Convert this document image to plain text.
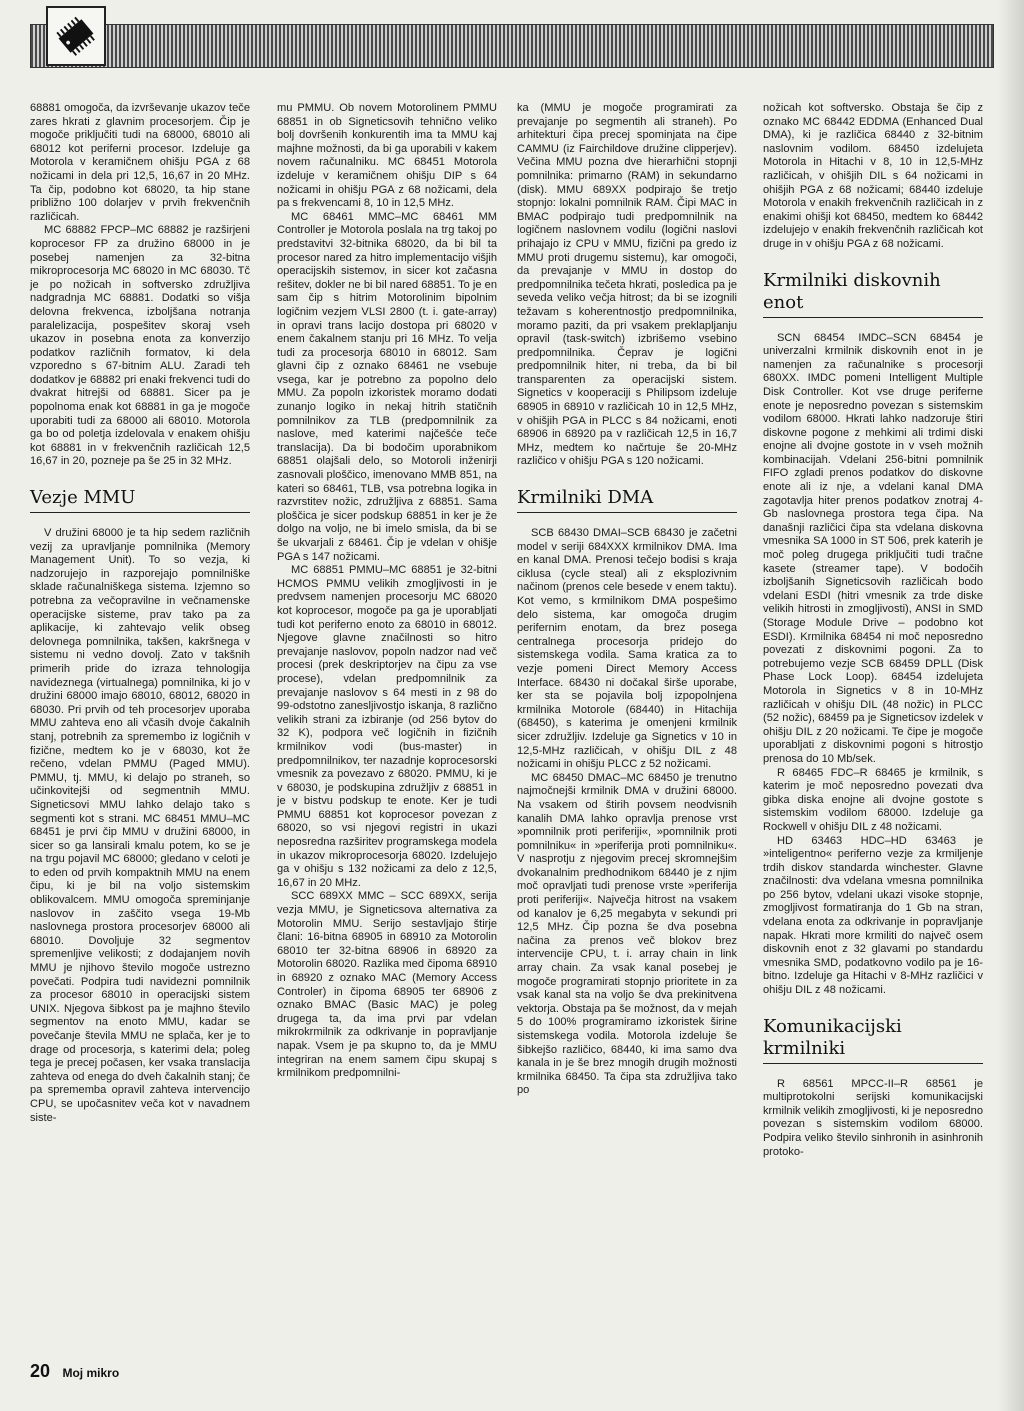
68881 omogoča, da izvrševanje ukazov teče zares hkrati z glavnim procesorjem. Čip je mogoče priključiti tudi na 68000, 68010 ali 68012 kot periferni procesor. Izdeluje ga Motorola v keramičnem ohišju PGA z 68 nožicami in dela pri 12,5, 16,67 in 20 MHz. Ta čip, podobno kot 68020, ta hip stane približno 100 dolarjev v prvih frekvenčnih različicah.

MC 68882 FPCP–MC 68882 je razširjeni koprocesor FP za družino 68000 in je posebej namenjen za 32-bitna mikroprocesorja MC 68020 in MC 68030. Tč je po nožicah in softversko združljiva nadgradnja MC 68881. Dodatki so višja delovna frekvenca, izboljšana notranja paralelizacija, pospešitev skoraj vseh ukazov in posebna enota za konverzijo podatkov različnih formatov, ki dela vzporedno s 67-bitnim ALU. Zaradi teh dodatkov je 68882 pri enaki frekvenci tudi do dvakrat hitrejši od 68881. Sicer pa je popolnoma enak kot 68881 in ga je mogoče uporabiti tudi za 68000 ali 68010. Motorola ga bo od poletja izdelovala v enakem ohišju kot 68881 in v frekvenčnih različicah 12,5 16,67 in 20, pozneje pa še 25 in 32 MHz.

Vezje MMU

V družini 68000 je ta hip sedem različnih vezij za upravljanje pomnilnika (Memory Management Unit). To so vezja, ki nadzorujejo in razporejajo pomnilniške sklade računalniškega sistema. Izjemno so potrebna za večopravilne in večnamenske operacijske sisteme, prav tako pa za aplikacije, ki zahtevajo velik obseg delovnega pomnilnika, takšen, kakršnega v sistemu ni vedno dovolj. Zato v takšnih primerih pride do izraza tehnologija navideznega (virtualnega) pomnilnika, ki jo v družini 68000 imajo 68010, 68012, 68020 in 68030. Pri prvih od teh procesorjev uporaba MMU zahteva eno ali včasih dvoje čakalnih stanj, potrebnih za spremembo iz logičnih v fizične, medtem ko je v 68030, kot že rečeno, vdelan PMMU (Paged MMU). PMMU, tj. MMU, ki delajo po straneh, so učinkovitejši od segmentnih MMU. Signeticsovi MMU lahko delajo tako s segmenti kot s strani. MC 68451 MMU–MC 68451 je prvi čip MMU v družini 68000, in sicer so ga lansirali kmalu potem, ko se je na trgu pojavil MC 68000; gledano v celoti je to eden od prvih kompaktnih MMU na enem čipu, ki je bil na voljo sistemskim oblikovalcem. MMU omogoča spreminjanje naslovov in zaščito vsega 19-Mb naslovnega prostora procesorjev 68000 ali 68010. Dovoljuje 32 segmentov spremenljive velikosti; z dodajanjem novih MMU je njihovo število mogoče ustrezno povečati. Podpira tudi navidezni pomnilnik za procesor 68010 in operacijski sistem UNIX. Njegova šibkost pa je majhno število segmentov na enoto MMU, kadar se povečanje števila MMU ne splača, ker je to drage od procesorja, s katerimi dela; poleg tega je precej počasen, ker vsaka translacija zahteva od enega do dveh čakalnih stanj; če pa sprememba opravil zahteva intervencijo CPU, se upočasnitev veča kot v navadnem siste-

mu PMMU. Ob novem Motorolinem PMMU 68851 in ob Signeticsovih tehnično veliko bolj dovršenih konkurentih ima ta MMU kaj majhne možnosti, da bi ga uporabili v kakem novem računalniku. MC 68451 Motorola izdeluje v keramičnem ohišju DIP s 64 nožicami in ohišju PGA z 68 nožicami, dela pa s frekvencami 8, 10 in 12,5 MHz.

MC 68461 MMC–MC 68461 MM Controller je Motorola poslala na trg takoj po predstavitvi 32-bitnika 68020, da bi bil ta procesor nared za hitro implementacijo višjih operacijskih sistemov, in sicer kot začasna rešitev, dokler ne bi bil nared 68851. To je en sam čip s hitrim Motorolinim bipolnim logičnim vezjem VLSI 2800 (t. i. gate-array) in opravi trans lacijo dostopa pri 68020 v enem čakalnem stanju pri 16 MHz. To velja tudi za procesorja 68010 in 68012. Sam glavni čip z oznako 68461 ne vsebuje vsega, kar je potrebno za popolno delo MMU. Za popoln izkoristek moramo dodati zunanjo logiko in nekaj hitrih statičnih pomnilnikov za TLB (predpomnilnik za naslove, med katerimi najčešće teče translacija). Da bi bodočim uporabnikom 68851 olajšali delo, so Motoroli inženirji zasnovali ploščico, imenovano MMB 851, na kateri so 68461, TLB, vsa potrebna logika in razvrstitev nožic, združljiva z 68851. Sama ploščica je sicer podskup 68851 in ker je že dolgo na voljo, ne bi imelo smisla, da bi se še ukvarjali z 68461. Čip je vdelan v ohišje PGA s 147 nožicami.

MC 68851 PMMU–MC 68851 je 32-bitni HCMOS PMMU velikih zmogljivosti in je predvsem namenjen procesorju MC 68020 kot koprocesor, mogoče pa ga je uporabljati tudi kot periferno enoto za 68010 in 68012. Njegove glavne značilnosti so hitro prevajanje naslovov, popoln nadzor nad več procesi (prek deskriptorjev na čipu za vse procese), vdelan predpomnilnik za prevajanje naslovov s 64 mesti in z 98 do 99-odstotno zanesljivostjo iskanja, 8 različno velikih strani za izbiranje (od 256 bytov do 32 K), podpora več logičnih in fizičnih krmilnikov vodi (bus-master) in predpomnilnikov, ter nazadnje koprocesorski vmesnik za povezavo z 68020. PMMU, ki je v 68030, je podskupina združljiv z 68851 in je v bistvu podskup te enote. Ker je tudi PMMU 68851 kot koprocesor povezan z 68020, so vsi njegovi registri in ukazi neposredna razširitev programskega modela in ukazov mikroprocesorja 68020. Izdelujejo ga v ohišju s 132 nožicami za delo z 12,5, 16,67 in 20 MHz.

SCC 689XX MMC – SCC 689XX, serija vezja MMU, je Signeticsova alternativa za Motorolin MMU. Serijo sestavljajo štirje člani: 16-bitna 68905 in 68910 za Motorolin 68010 ter 32-bitna 68906 in 68920 za Motorolin 68020. Razlika med čipoma 68910 in 68920 z oznako MAC (Memory Access Controler) in čipoma 68905 ter 68906 z oznako BMAC (Basic MAC) je poleg drugega ta, da ima prvi par vdelan mikrokrmilnik za odkrivanje in popravljanje napak. Vsem je pa skupno to, da je MMU integriran na enem samem čipu skupaj s krmilnikom predpomnilni-

ka (MMU je mogoče programirati za prevajanje po segmentih ali straneh). Po arhitekturi čipa precej spominjata na čipe CAMMU (iz Fairchildove družine clipperjev). Večina MMU pozna dve hierarhični stopnji pomnilnika: primarno (RAM) in sekundarno (disk). MMU 689XX podpirajo še tretjo stopnjo: lokalni pomnilnik RAM. Čipi MAC in BMAC podpirajo tudi predpomnilnik na logičnem naslovnem vodilu (logični naslovi prihajajo iz CPU v MMU, fizični pa gredo iz MMU proti drugemu sistemu), kar omogoči, da prevajanje v MMU in dostop do predpomnilnika tečeta hkrati, posledica pa je seveda veliko večja hitrost; da bi se izognili težavam s koherentnostjo predpomnilnika, moramo paziti, da pri vsakem preklapljanju opravil (task-switch) izbrišemo vsebino predpomnilnika. Čeprav je logični predpomnilnik hiter, ni treba, da bi bil transparenten za operacijski sistem. Signetics v kooperaciji s Philipsom izdeluje 68905 in 68910 v različicah 10 in 12,5 MHz, v ohišjih PGA in PLCC s 84 nožicami, enoti 68906 in 68920 pa v različicah 12,5 in 16,7 MHz, medtem ko načrtuje še 20-MHz različico v ohišju PGA s 120 nožicami.

Krmilniki DMA

SCB 68430 DMAI–SCB 68430 je začetni model v seriji 684XXX krmilnikov DMA. Ima en kanal DMA. Prenosi tečejo bodisi s kraja ciklusa (cycle steal) ali z eksplozivnim načinom (prenos cele besede v enem taktu). Kot vemo, s krmilnikom DMA pospešimo delo sistema, kar omogoča drugim perifernim enotam, da brez posega centralnega procesorja pridejo do sistemskega vodila. Sama kratica za to vezje pomeni Direct Memory Access Interface. 68430 ni dočakal širše uporabe, ker sta se pojavila bolj izpopolnjena krmilnika Motorole (68440) in Hitachija (68450), s katerima je omenjeni krmilnik sicer združljiv. Izdeluje ga Signetics v 10 in 12,5-MHz različicah, v ohišju DIL z 48 nožicami in ohišju PLCC z 52 nožicami.

MC 68450 DMAC–MC 68450 je trenutno najmočnejši krmilnik DMA v družini 68000. Na vsakem od štirih povsem neodvisnih kanalih DMA lahko opravlja prenose vrst »pomnilnik proti periferiji«, »pomnilnik proti pomnilniku« in »periferija proti pomnilniku«. V nasprotju z njegovim precej skromnejšim dvokanalnim predhodnikom 68440 je z njim moč opravljati tudi prenose vrste »periferija proti periferiji«. Največja hitrost na vsakem od kanalov je 6,25 megabyta v sekundi pri 12,5 MHz. Čip pozna še dva posebna načina za prenos več blokov brez intervencije CPU, t. i. array chain in link array chain. Za vsak kanal posebej je mogoče programirati stopnjo prioritete in za vsak kanal sta na voljo še dva prekinitvena vektorja. Obstaja pa še možnost, da v mejah 5 do 100% programiramo izkoristek širine sistemskega vodila. Motorola izdeluje še šibkejšo različico, 68440, ki ima samo dva kanala in je še brez mnogih drugih možnosti krmilnika 68450. Ta čipa sta združljiva tako po

nožicah kot softversko. Obstaja še čip z oznako MC 68442 EDDMA (Enhanced Dual DMA), ki je različica 68440 z 32-bitnim naslovnim vodilom. 68450 izdelujeta Motorola in Hitachi v 8, 10 in 12,5-MHz različicah, v ohišjih DIL s 64 nožicami in ohišjih PGA z 68 nožicami; 68440 izdeluje Motorola v enakih frekvenčnih različicah in z enakimi ohišji kot 68450, medtem ko 68442 izdelujejo v enakih frekvenčnih različicah kot druge in v ohišju PGA z 68 nožicami.

Krmilniki diskovnih enot

SCN 68454 IMDC–SCN 68454 je univerzalni krmilnik diskovnih enot in je namenjen za računalnike s procesorji 680XX. IMDC pomeni Intelligent Multiple Disk Controller. Kot vse druge periferne enote je neposredno povezan s sistemskim vodilom 68000. Hkrati lahko nadzoruje štiri diskovne pogone z mehkimi ali trdimi diski enojne ali dvojne gostote in v vseh možnih kombinacijah. Vdelani 256-bitni pomnilnik FIFO zgladi prenos podatkov do diskovne enote ali iz nje, a vdelani kanal DMA zagotavlja hiter prenos podatkov znotraj 4-Gb naslovnega prostora tega čipa. Na današnji različici čipa sta vdelana diskovna vmesnika SA 1000 in ST 506, prek katerih je moč poleg drugega priključiti tudi tračne kasete (streamer tape). V bodočih izboljšanih Signeticsovih različicah bodo vdelani ESDI (hitri vmesnik za trde diske velikih hitrosti in zmogljivosti), ANSI in SMD (Storage Module Drive – podobno kot ESDI). Krmilnika 68454 ni moč neposredno povezati z diskovnimi pogoni. Za to potrebujemo vezje SCB 68459 DPLL (Disk Phase Lock Loop). 68454 izdelujeta Motorola in Signetics v 8 in 10-MHz različicah v ohišju DIL (48 nožic) in PLCC (52 nožic), 68459 pa je Signeticsov izdelek v ohišju DIL z 20 nožicami. Te čipe je mogoče uporabljati z diskovnimi pogoni s hitrostjo prenosa do 10 Mb/sek.

R 68465 FDC–R 68465 je krmilnik, s katerim je moč neposredno povezati dva gibka diska enojne ali dvojne gostote s sistemskim vodilom 68000. Izdeluje ga Rockwell v ohišju DIL z 48 nožicami.

HD 63463 HDC–HD 63463 je »inteligentno« periferno vezje za krmiljenje trdih diskov standarda winchester. Glavne značilnosti: dva vdelana vmesna pomnilnika po 256 bytov, vdelani ukazi visoke stopnje, zmogljivost formatiranja do 1 Gb na stran, vdelana enota za odkrivanje in popravljanje napak. Hkrati more krmiliti do največ osem diskovnih enot z 32 glavami po standardu vmesnika SMD, podatkovno vodilo pa je 16-bitno. Izdeluje ga Hitachi v 8-MHz različici v ohišju DIL z 48 nožicami.

Komunikacijski krmilniki

R 68561 MPCC-II–R 68561 je multiprotokolni serijski komunikacijski krmilnik velikih zmogljivosti, ki je neposredno povezan s sistemskim vodilom 68000. Podpira veliko število sinhronih in asinhronih protoko-

20 Moj mikro
